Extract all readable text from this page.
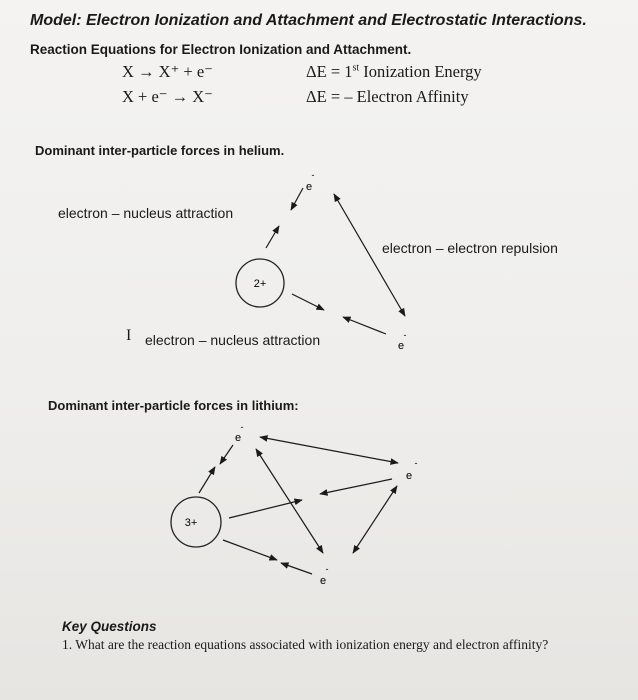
Model: Electron Ionization and Attachment and Electrostatic Interactions.
Reaction Equations for Electron Ionization and Attachment.
X → X⁺ + e⁻	ΔE = 1st Ionization Energy
X + e⁻ → X⁻	ΔE = – Electron Affinity
Dominant inter-particle forces in helium.
electron – nucleus attraction
electron – electron repulsion
I electron – nucleus attraction
2+
e
-
e
-
3+
e
-
e
-
e
-
Dominant inter-particle forces in lithium:
Key Questions
1. What are the reaction equations associated with ionization energy and electron affinity?
